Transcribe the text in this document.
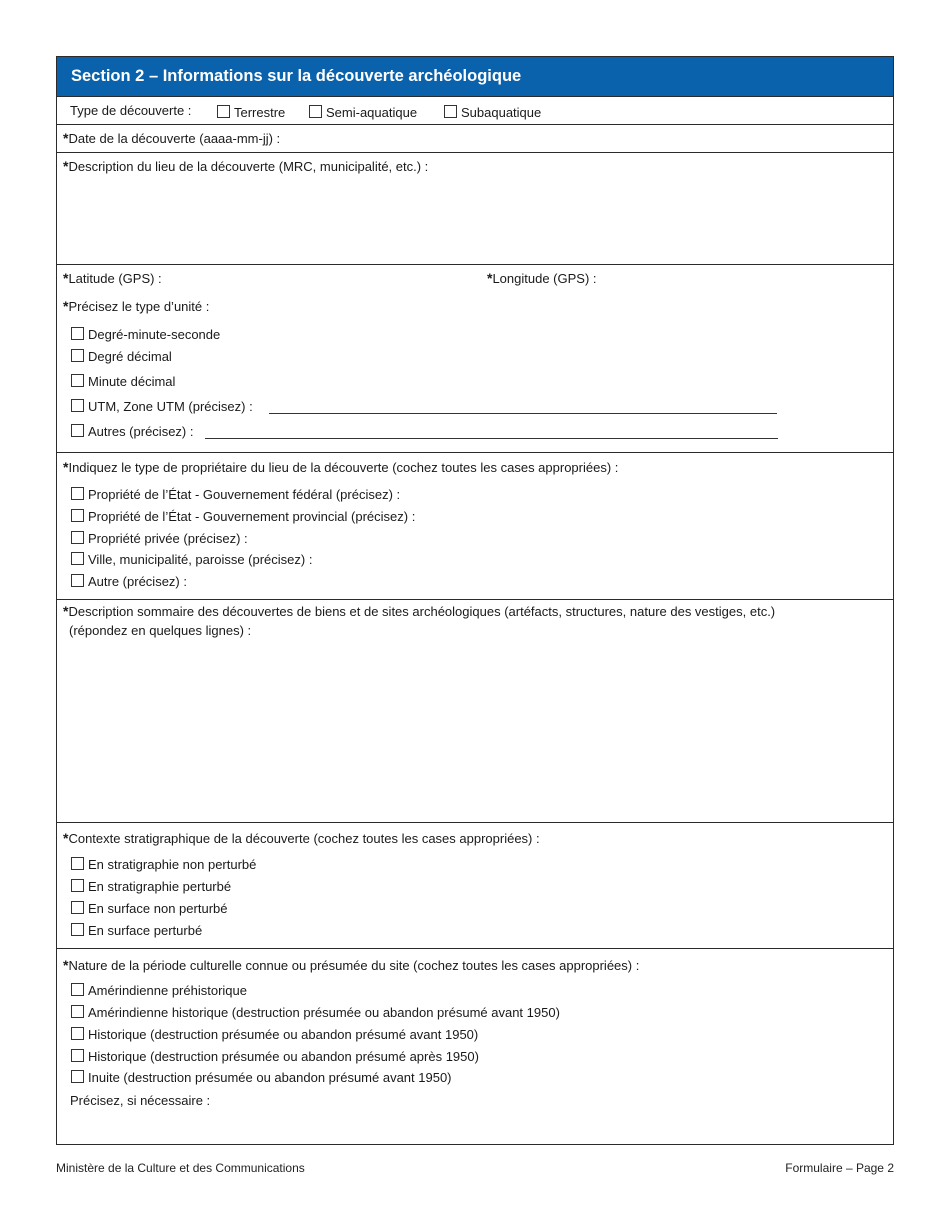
Section 2 – Informations sur la découverte archéologique
Type de découverte :	Terrestre	Semi-aquatique	Subaquatique
*Date de la découverte (aaaa-mm-jj) :
*Description du lieu de la découverte (MRC, municipalité, etc.) :
*Latitude (GPS) :	*Longitude (GPS) :
*Précisez le type d’unité :
Degré-minute-seconde
Degré décimal
Minute décimal
UTM, Zone UTM (précisez) :
Autres (précisez) :
*Indiquez le type de propriétaire du lieu de la découverte (cochez toutes les cases appropriées) :
Propriété de l’État - Gouvernement fédéral (précisez) :
Propriété de l’État - Gouvernement provincial (précisez) :
Propriété privée (précisez) :
Ville, municipalité, paroisse (précisez) :
Autre (précisez) :
*Description sommaire des découvertes de biens et de sites archéologiques (artéfacts, structures, nature des vestiges, etc.)
(répondez en quelques lignes) :
*Contexte stratigraphique de la découverte (cochez toutes les cases appropriées) :
En stratigraphie non perturbé
En stratigraphie perturbé
En surface non perturbé
En surface perturbé
*Nature de la période culturelle connue ou présumée du site (cochez toutes les cases appropriées) :
Amérindienne préhistorique
Amérindienne historique (destruction présumée ou abandon présumé avant 1950)
Historique (destruction présumée ou abandon présumé avant 1950)
Historique (destruction présumée ou abandon présumé après 1950)
Inuite (destruction présumée ou abandon présumé avant 1950)
Précisez, si nécessaire :
Ministère de la Culture et des Communications	Formulaire – Page 2
